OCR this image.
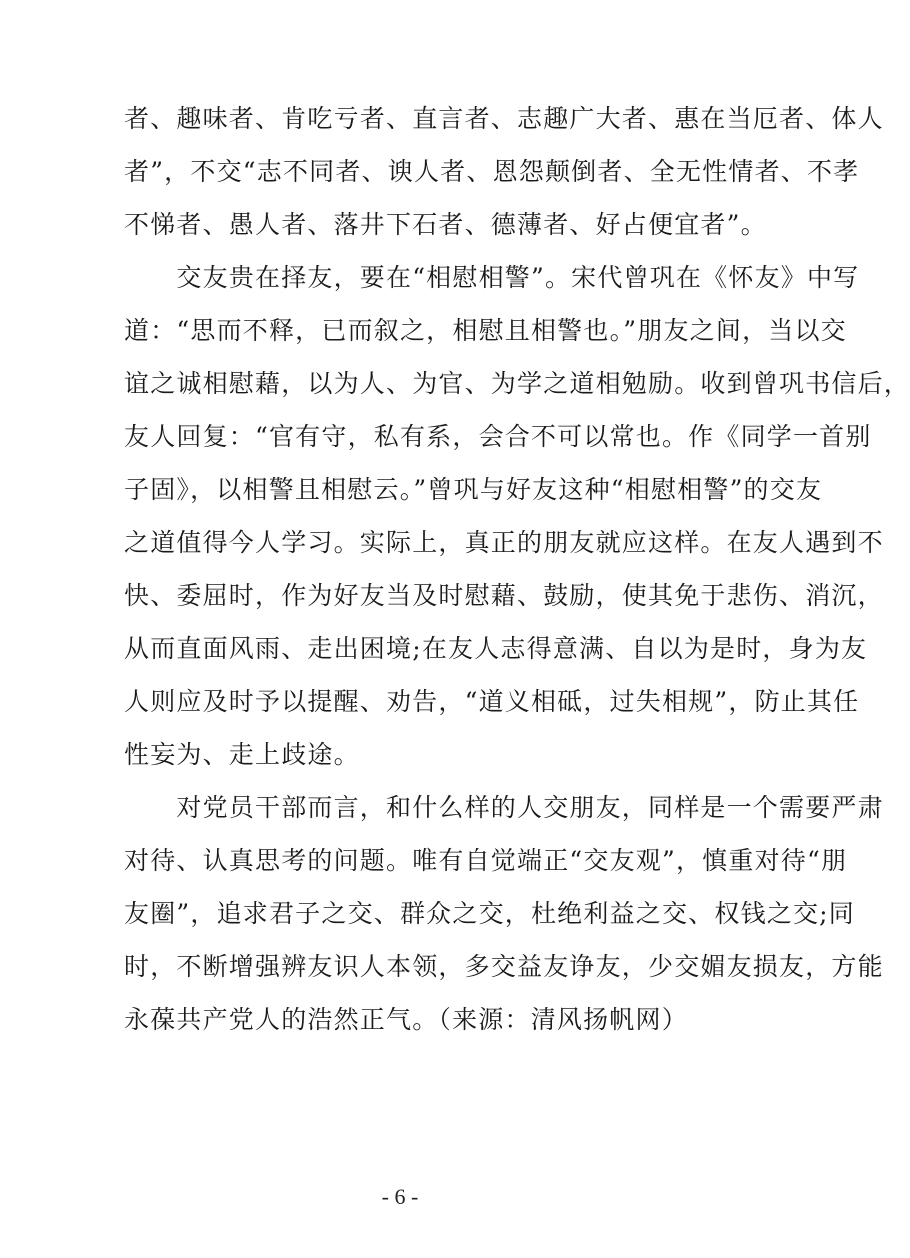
者、趣味者、肯吃亏者、直言者、志趣广大者、惠在当厄者、体人
者”，不交“志不同者、谀人者、恩怨颠倒者、全无性情者、不孝
不悌者、愚人者、落井下石者、德薄者、好占便宜者”。
　　交友贵在择友，要在“相慰相警”。宋代曾巩在《怀友》中写
道：“思而不释，已而叙之，相慰且相警也。”朋友之间，当以交
谊之诚相慰藉，以为人、为官、为学之道相勉励。收到曾巩书信后，
友人回复：“官有守，私有系，会合不可以常也。作《同学一首别
子固》，以相警且相慰云。”曾巩与好友这种“相慰相警”的交友
之道值得今人学习。实际上，真正的朋友就应这样。在友人遇到不
快、委屈时，作为好友当及时慰藉、鼓励，使其免于悲伤、消沉，
从而直面风雨、走出困境;在友人志得意满、自以为是时，身为友
人则应及时予以提醒、劝告，“道义相砥，过失相规”，防止其任
性妄为、走上歧途。
　　对党员干部而言，和什么样的人交朋友，同样是一个需要严肃
对待、认真思考的问题。唯有自觉端正“交友观”，慎重对待“朋
友圈”，追求君子之交、群众之交，杜绝利益之交、权钱之交;同
时，不断增强辨友识人本领，多交益友诤友，少交媚友损友，方能
永葆共产党人的浩然正气。（来源：清风扬帆网）
- 6 -
